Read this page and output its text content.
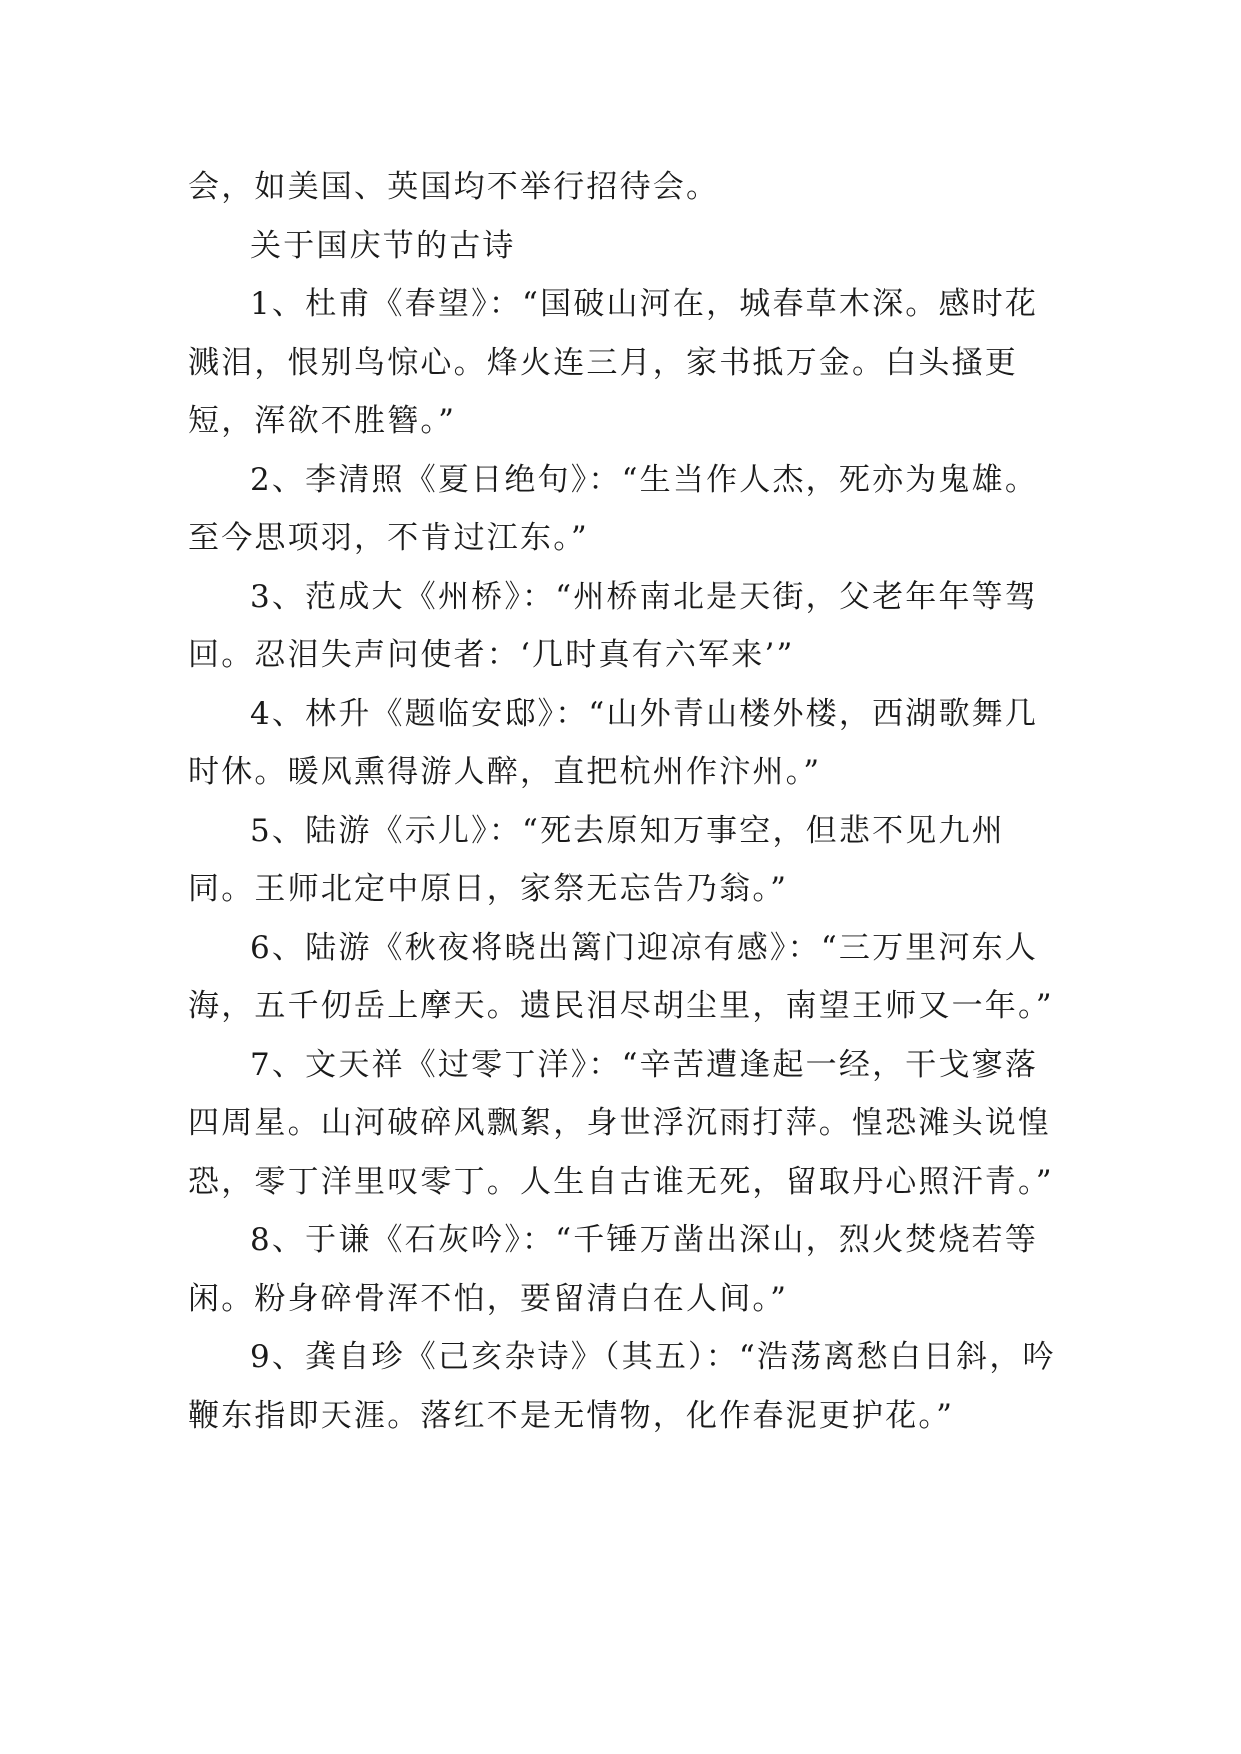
会，如美国、英国均不举行招待会。

关于国庆节的古诗

1、杜甫《春望》：“国破山河在，城春草木深。感时花溅泪，恨别鸟惊心。烽火连三月，家书抵万金。白头搔更短，浑欲不胜簪。”

2、李清照《夏日绝句》：“生当作人杰，死亦为鬼雄。至今思项羽，不肯过江东。”

3、范成大《州桥》：“州桥南北是天街，父老年年等驾回。忍泪失声问使者：‘几时真有六军来’”

4、林升《题临安邸》：“山外青山楼外楼，西湖歌舞几时休。暖风熏得游人醉，直把杭州作汴州。”

5、陆游《示儿》：“死去原知万事空，但悲不见九州同。王师北定中原日，家祭无忘告乃翁。”

6、陆游《秋夜将晓出篱门迎凉有感》：“三万里河东人海，五千仞岳上摩天。遗民泪尽胡尘里，南望王师又一年。”

7、文天祥《过零丁洋》：“辛苦遭逢起一经，干戈寥落四周星。山河破碎风飘絮，身世浮沉雨打萍。惶恐滩头说惶恐，零丁洋里叹零丁。人生自古谁无死，留取丹心照汗青。”

8、于谦《石灰吟》：“千锤万凿出深山，烈火焚烧若等闲。粉身碎骨浑不怕，要留清白在人间。”

9、龚自珍《己亥杂诗》（其五）：“浩荡离愁白日斜，吟鞭东指即天涯。落红不是无情物，化作春泥更护花。”
